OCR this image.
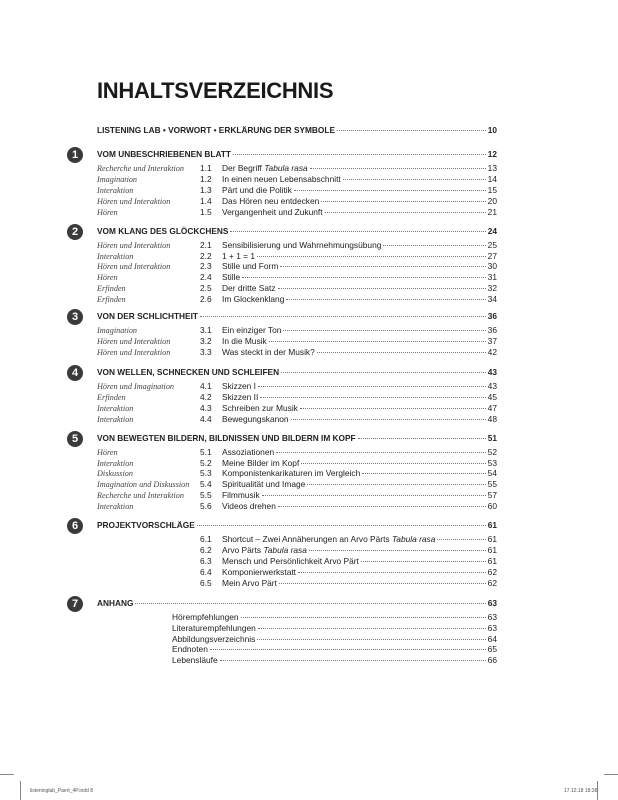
INHALTSVERZEICHNIS
LISTENING LAB • VORWORT • ERKLÄRUNG DER SYMBOLE	10
1	VOM UNBESCHRIEBENEN BLATT	12
Recherche und Interaktion	1.1	Der Begriff Tabula rasa	13
Imagination	1.2	In einen neuen Lebensabschnitt	14
Interaktion	1.3	Pärt und die Politik	15
Hören und Interaktion	1.4	Das Hören neu entdecken	20
Hören	1.5	Vergangenheit und Zukunft	21
2	VOM KLANG DES GLÖCKCHENS	24
Hören und Interaktion	2.1	Sensibilisierung und Wahrnehmungsübung	25
Interaktion	2.2	1 + 1 = 1	27
Hören und Interaktion	2.3	Stille und Form	30
Hören	2.4	Stille	31
Erfinden	2.5	Der dritte Satz	32
Erfinden	2.6	Im Glockenklang	34
3	VON DER SCHLICHTHEIT	36
Imagination	3.1	Ein einziger Ton	36
Hören und Interaktion	3.2	In die Musik	37
Hören und Interaktion	3.3	Was steckt in der Musik?	42
4	VON WELLEN, SCHNECKEN UND SCHLEIFEN	43
Hören und Imagination	4.1	Skizzen I	43
Erfinden	4.2	Skizzen II	45
Interaktion	4.3	Schreiben zur Musik	47
Interaktion	4.4	Bewegungskanon	48
5	VON BEWEGTEN BILDERN, BILDNISSEN UND BILDERN IM KOPF	51
Hören	5.1	Assoziationen	52
Interaktion	5.2	Meine Bilder im Kopf	53
Diskussion	5.3	Komponistenkarikaturen im Vergleich	54
Imagination und Diskussion	5.4	Spiritualität und Image	55
Recherche und Interaktion	5.5	Filmmusik	57
Interaktion	5.6	Videos drehen	60
6	PROJEKTVORSCHLÄGE	61
6.1	Shortcut – Zwei Annäherungen an Arvo Pärts Tabula rasa	61
6.2	Arvo Pärts Tabula rasa	61
6.3	Mensch und Persönlichkeit Arvo Pärt	61
6.4	Komponierwerkstatt	62
6.5	Mein Arvo Pärt	62
7	ANHANG	63
Hörempfehlungen	63
Literaturempfehlungen	63
Abbildungsverzeichnis	64
Endnoten	65
Lebensläufe	66
listeninglab_Paert_4P.indd 8	17.12.18 18:38
